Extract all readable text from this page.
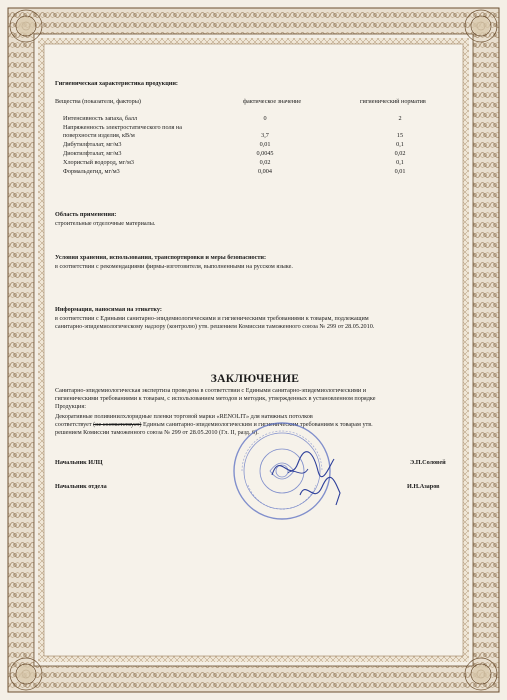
Гигиеническая характеристика продукции:
Вещества (показатели, факторы)	фактическое значение	гигиенический норматив
Интенсивность запаха, балл	0	2
Напряженность электростатического поля на
поверхности изделия, кВ/м	3,7	15
Дибутилфталат, мг/м3	0,01	0,1
Диоктилфталат, мг/м3	0,0045	0,02
Хлористый водород, мг/м3	0,02	0,1
Формальдегид, мг/м3	0,004	0,01
Область применения:
строительные отделочные материалы.
Условия хранения, использования, транспортировки и меры безопасности:
в соответствии с рекомендациями фирмы-изготовителя, выполненными на русском языке.
Информация, наносимая на этикетку:
в соответствии с Едиными санитарно-эпидемиологическими и гигиеническими требованиями к товарам, подлежащим
санитарно-эпидемиологическому надзору (контролю) утв. решением Комиссии таможенного союза № 299 от 28.05.2010.
ЗАКЛЮЧЕНИЕ
Санитарно-эпидемиологическая экспертиза проведена в соответствии с Едиными санитарно-эпидемиологическими и
гигиеническими требованиями к товарам, с использованием методов и методик, утвержденных в установленном порядке
Продукция:
Декоративные поливинилхлоридные пленки торговой марки «RENOLIT» для натяжных потолков
соответствует (не соответствует) Единым санитарно-эпидемиологическим и гигиеническим требованиям к товарам утв.
решением Комиссии таможенного союза № 299 от 28.05.2010 (Гл. II, разд. 6).
Начальник ИЛЦ	Э.П.Соловей
Начальник отдела	И.Н.Азаров
